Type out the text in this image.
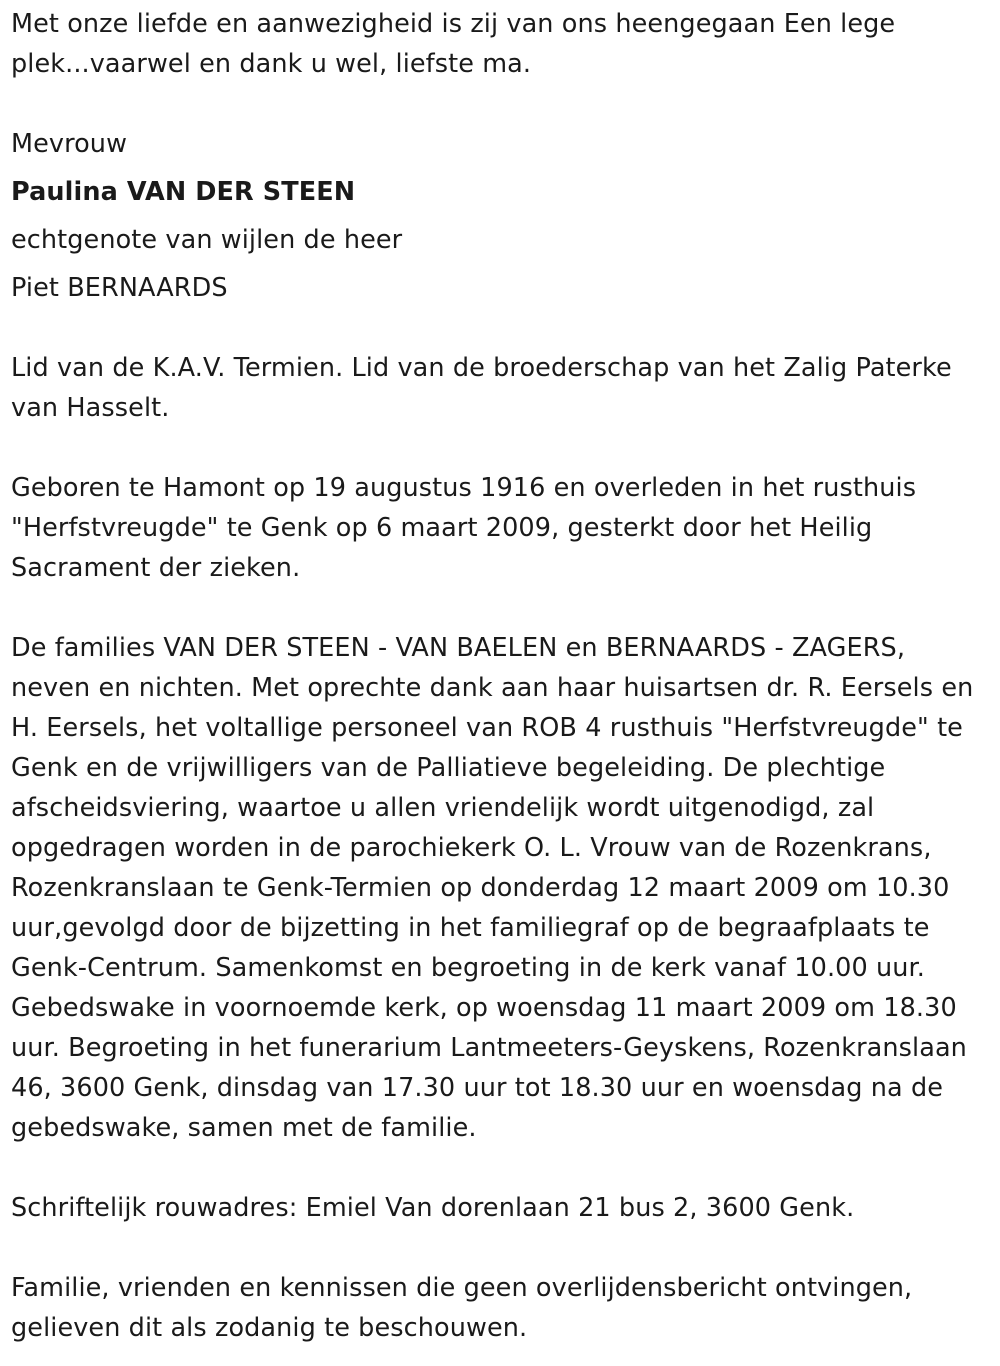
Met onze liefde en aanwezigheid is zij van ons heengegaan Een lege plek...vaarwel en dank u wel, liefste ma.

Mevrouw

Paulina VAN DER STEEN

echtgenote van wijlen de heer

Piet BERNAARDS

Lid van de K.A.V. Termien. Lid van de broederschap van het Zalig Paterke van Hasselt.

Geboren te Hamont op 19 augustus 1916 en overleden in het rusthuis "Herfstvreugde" te Genk op 6 maart 2009, gesterkt door het Heilig Sacrament der zieken.

De families VAN DER STEEN - VAN BAELEN en BERNAARDS - ZAGERS, neven en nichten. Met oprechte dank aan haar huisartsen dr. R. Eersels en H. Eersels, het voltallige personeel van ROB 4 rusthuis "Herfstvreugde" te Genk en de vrijwilligers van de Palliatieve begeleiding. De plechtige afscheidsviering, waartoe u allen vriendelijk wordt uitgenodigd, zal opgedragen worden in de parochiekerk O. L. Vrouw van de Rozenkrans, Rozenkranslaan te Genk-Termien op donderdag 12 maart 2009 om 10.30 uur,gevolgd door de bijzetting in het familiegraf op de begraafplaats te Genk-Centrum. Samenkomst en begroeting in de kerk vanaf 10.00 uur. Gebedswake in voornoemde kerk, op woensdag 11 maart 2009 om 18.30 uur. Begroeting in het funerarium Lantmeeters-Geyskens, Rozenkranslaan 46, 3600 Genk, dinsdag van 17.30 uur tot 18.30 uur en woensdag na de gebedswake, samen met de familie.

Schriftelijk rouwadres: Emiel Van dorenlaan 21 bus 2, 3600 Genk.

Familie, vrienden en kennissen die geen overlijdensbericht ontvingen, gelieven dit als zodanig te beschouwen.
